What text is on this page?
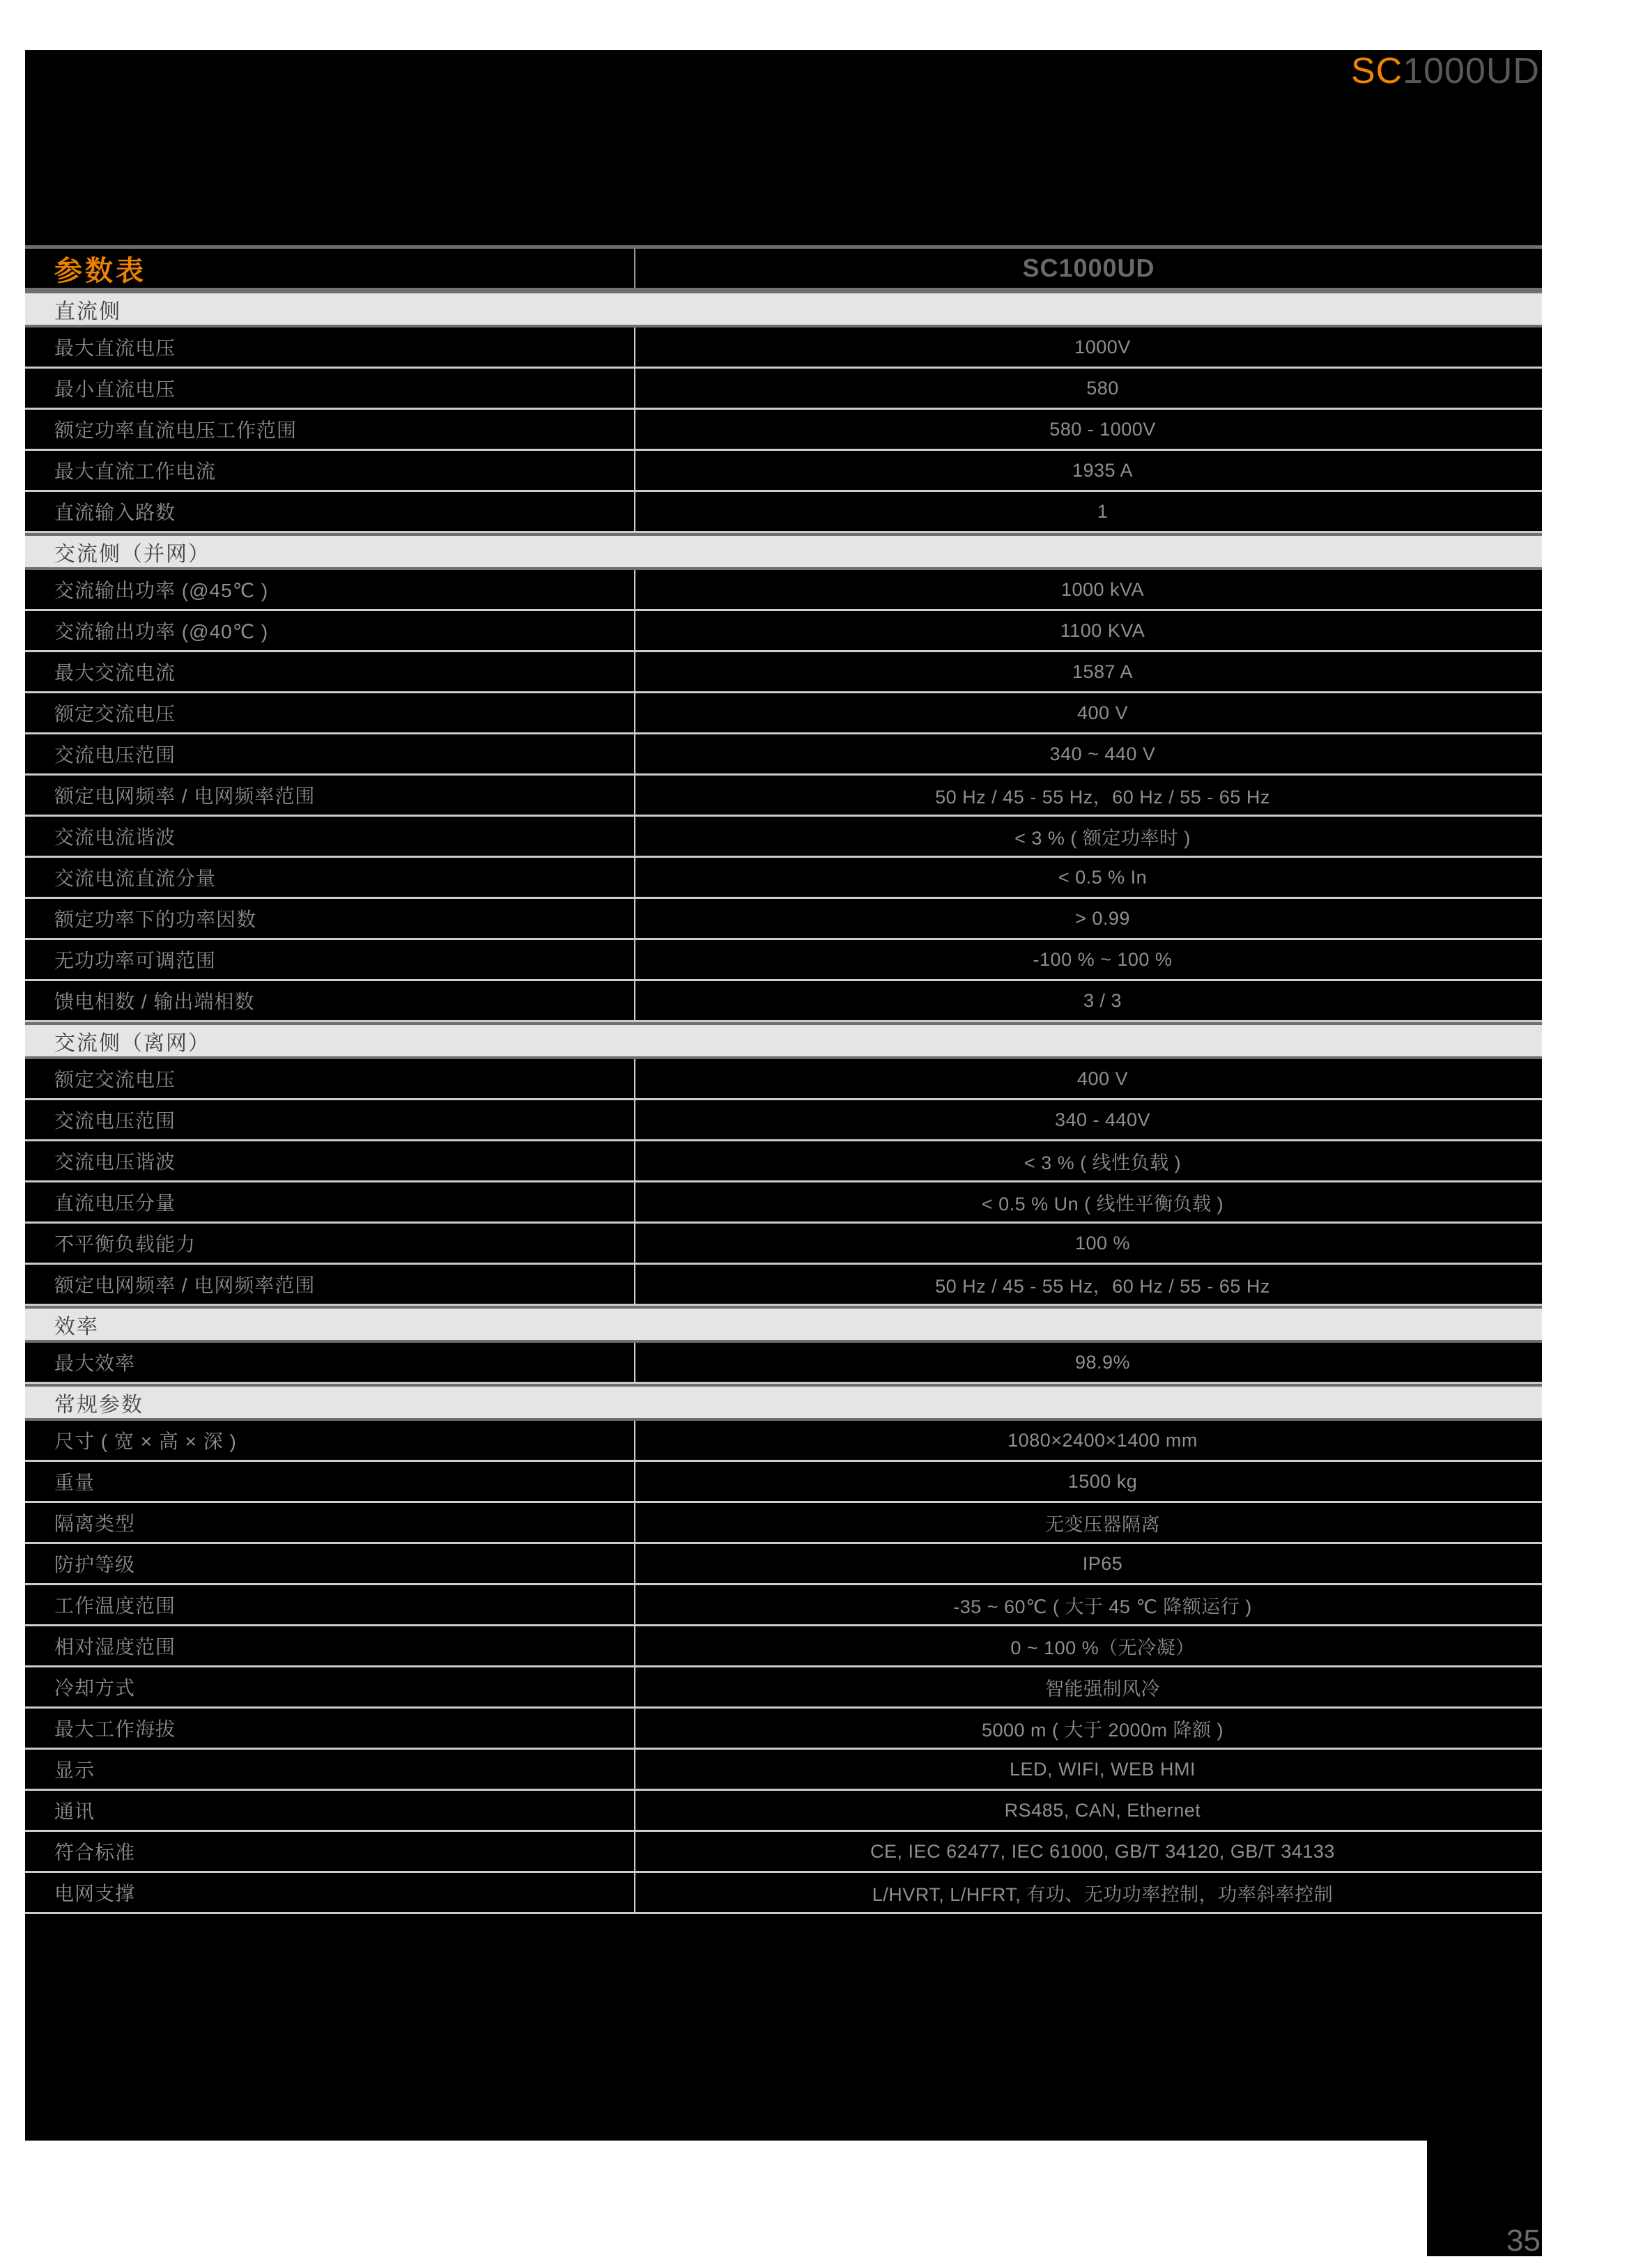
SC1000UD
参数表	SC1000UD
直流侧
最大直流电压	1000V
最小直流电压	580
额定功率直流电压工作范围	580 - 1000V
最大直流工作电流	1935 A
直流输入路数	1
交流侧（并网）
交流输出功率 (@45℃ )	1000 kVA
交流输出功率 (@40℃ )	1100 KVA
最大交流电流	1587 A
额定交流电压	400 V
交流电压范围	340 ~ 440 V
额定电网频率 / 电网频率范围	50 Hz / 45 - 55 Hz，60 Hz / 55 - 65 Hz
交流电流谐波	< 3 % ( 额定功率时 )
交流电流直流分量	< 0.5 % In
额定功率下的功率因数	> 0.99
无功功率可调范围	-100 % ~ 100 %
馈电相数 / 输出端相数	3 / 3
交流侧（离网）
额定交流电压	400 V
交流电压范围	340 - 440V
交流电压谐波	< 3 % ( 线性负载 )
直流电压分量	< 0.5 % Un ( 线性平衡负载 )
不平衡负载能力	100 %
额定电网频率 / 电网频率范围	50 Hz / 45 - 55 Hz，60 Hz / 55 - 65 Hz
效率
最大效率	98.9%
常规参数
尺寸 ( 宽 × 高 × 深 )	1080×2400×1400 mm
重量	1500 kg
隔离类型	无变压器隔离
防护等级	IP65
工作温度范围	-35 ~ 60℃ ( 大于 45 ℃ 降额运行 )
相对湿度范围	0 ~ 100 %（无冷凝）
冷却方式	智能强制风冷
最大工作海拔	5000 m ( 大于 2000m 降额 )
显示	LED, WIFI, WEB HMI
通讯	RS485, CAN, Ethernet
符合标准	CE, IEC 62477, IEC 61000, GB/T 34120, GB/T 34133
电网支撑	L/HVRT, L/HFRT, 有功、无功功率控制，功率斜率控制
35
